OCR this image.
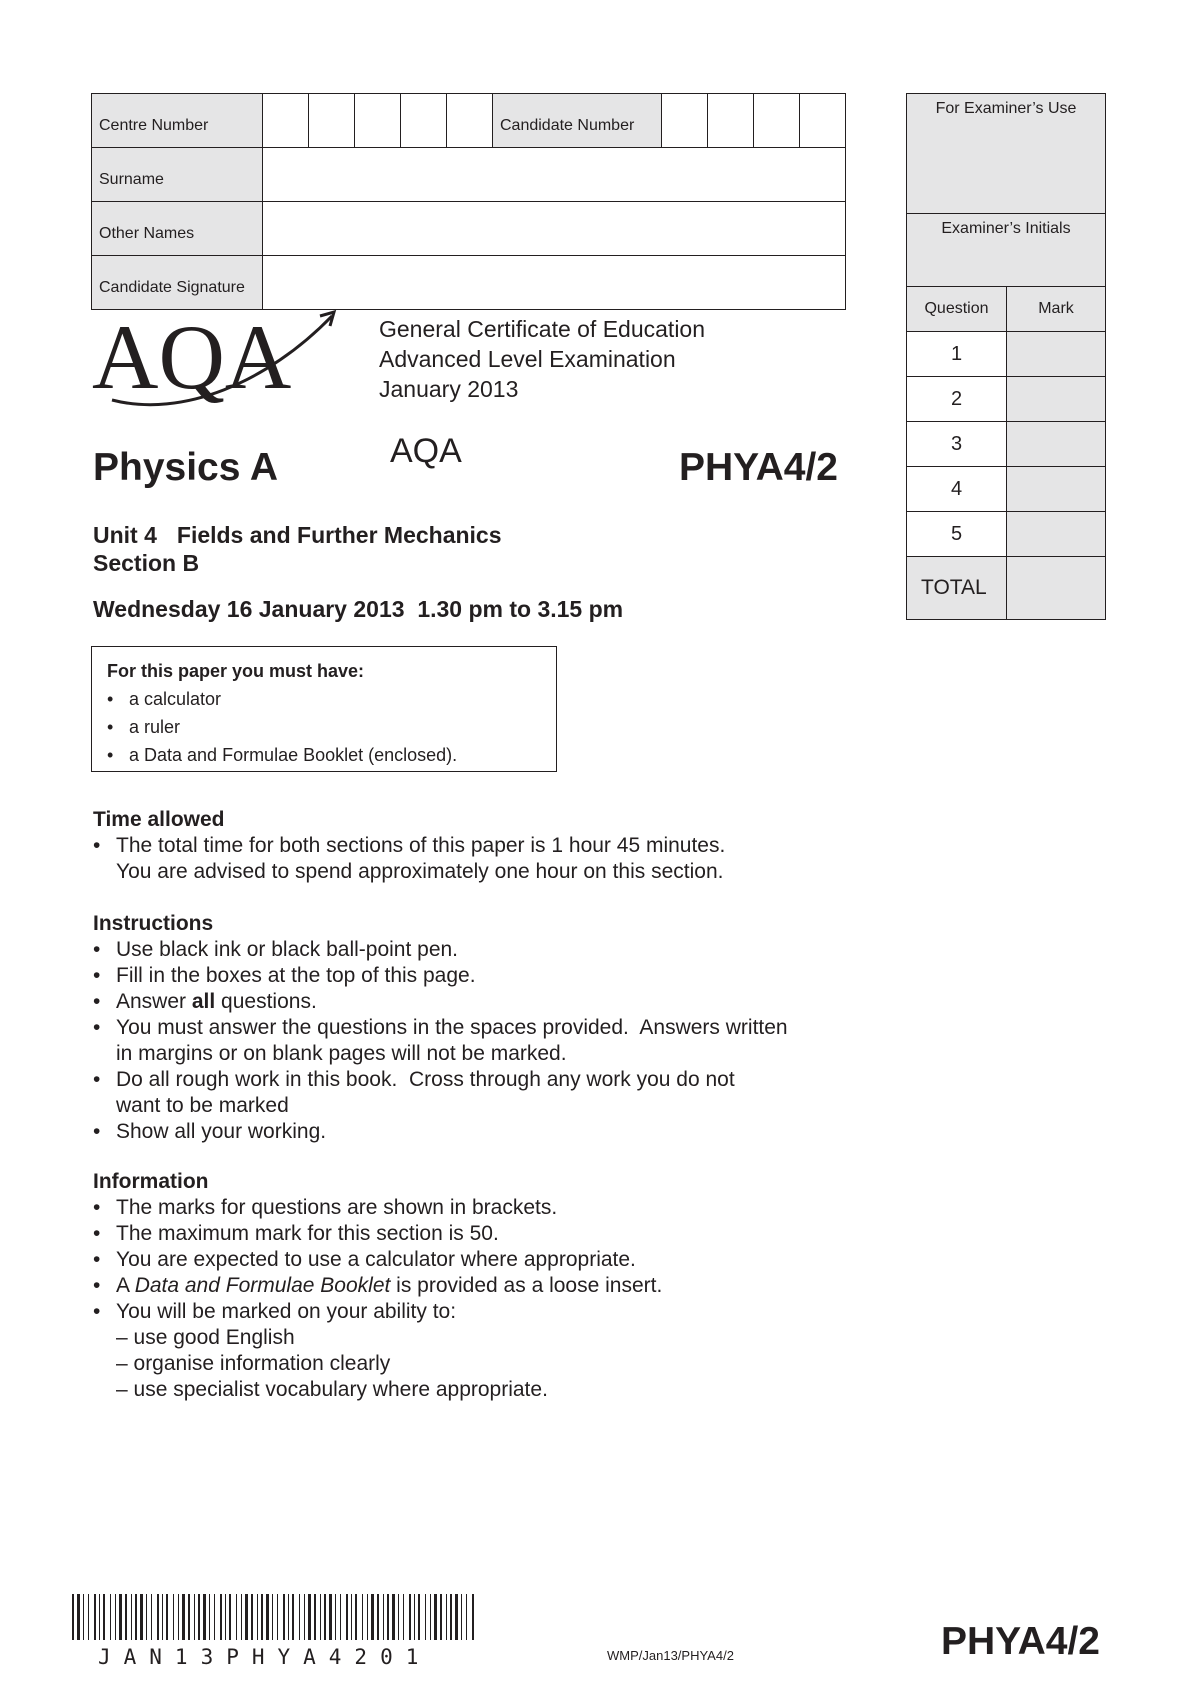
Centre Number						Candidate Number				
Surname										
Other Names										
Candidate Signature										
For Examiner’s Use	
Examiner’s Initials	
Question	Mark
1	
2	
3	
4	
5	
TOTAL	
AQA	General Certificate of Education
Advanced Level Examination
January 2013
Physics A	AQA	PHYA4/2
Unit 4 Fields and Further Mechanics
Section B
Wednesday 16 January 2013  1.30 pm to 3.15 pm
For this paper you must have:
• a calculator
• a ruler
• a Data and Formulae Booklet (enclosed).
Time allowed
• The total time for both sections of this paper is 1 hour 45 minutes.
You are advised to spend approximately one hour on this section.
Instructions
• Use black ink or black ball-point pen.
• Fill in the boxes at the top of this page.
• Answer all questions.
• You must answer the questions in the spaces provided.  Answers written
in margins or on blank pages will not be marked.
• Do all rough work in this book.  Cross through any work you do not
want to be marked
• Show all your working.
Information
• The marks for questions are shown in brackets.
• The maximum mark for this section is 50.
• You are expected to use a calculator where appropriate.
• A Data and Formulae Booklet is provided as a loose insert.
• You will be marked on your ability to:
– use good English
– organise information clearly
– use specialist vocabulary where appropriate.
JAN13PHYA4201	WMP/Jan13/PHYA4/2	PHYA4/2
